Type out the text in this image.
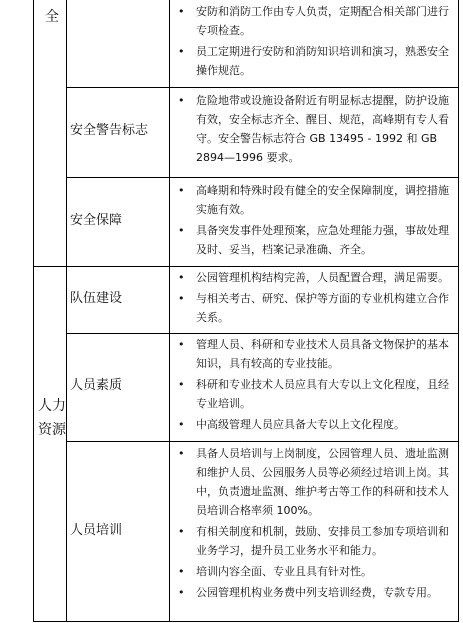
全
•	安防和消防工作由专人负责，定期配合相关部门进行专项检查。
• 员工定期进行安防和消防知识培训和演习，熟悉安全操作规范。
安全警告标志
• 危险地带或设施设备附近有明显标志提醒，防护设施有效，安全标志齐全、醒目、规范，高峰期有专人看守。安全警告标志符合 GB 13495 - 1992 和 GB 2894—1996 要求。
安全保障
• 高峰期和特殊时段有健全的安全保障制度，调控措施实施有效。
• 具备突发事件处理预案，应急处理能力强，事故处理及时、妥当，档案记录准确、齐全。
人力资源
队伍建设
• 公园管理机构结构完善，人员配置合理，满足需要。
• 与相关考古、研究、保护等方面的专业机构建立合作关系。
人员素质
• 管理人员、科研和专业技术人员具备文物保护的基本知识，具有较高的专业技能。
• 科研和专业技术人员应具有大专以上文化程度，且经专业培训。
• 中高级管理人员应具备大专以上文化程度。
人员培训
• 具备人员培训与上岗制度，公园管理人员、遗址监测和维护人员、公园服务人员等必须经过培训上岗。其中，负责遗址监测、维护考古等工作的科研和技术人员培训合格率须 100%。
• 有相关制度和机制，鼓励、安排员工参加专项培训和业务学习，提升员工业务水平和能力。
• 培训内容全面、专业且具有针对性。
• 公园管理机构业务费中列支培训经费，专款专用。
